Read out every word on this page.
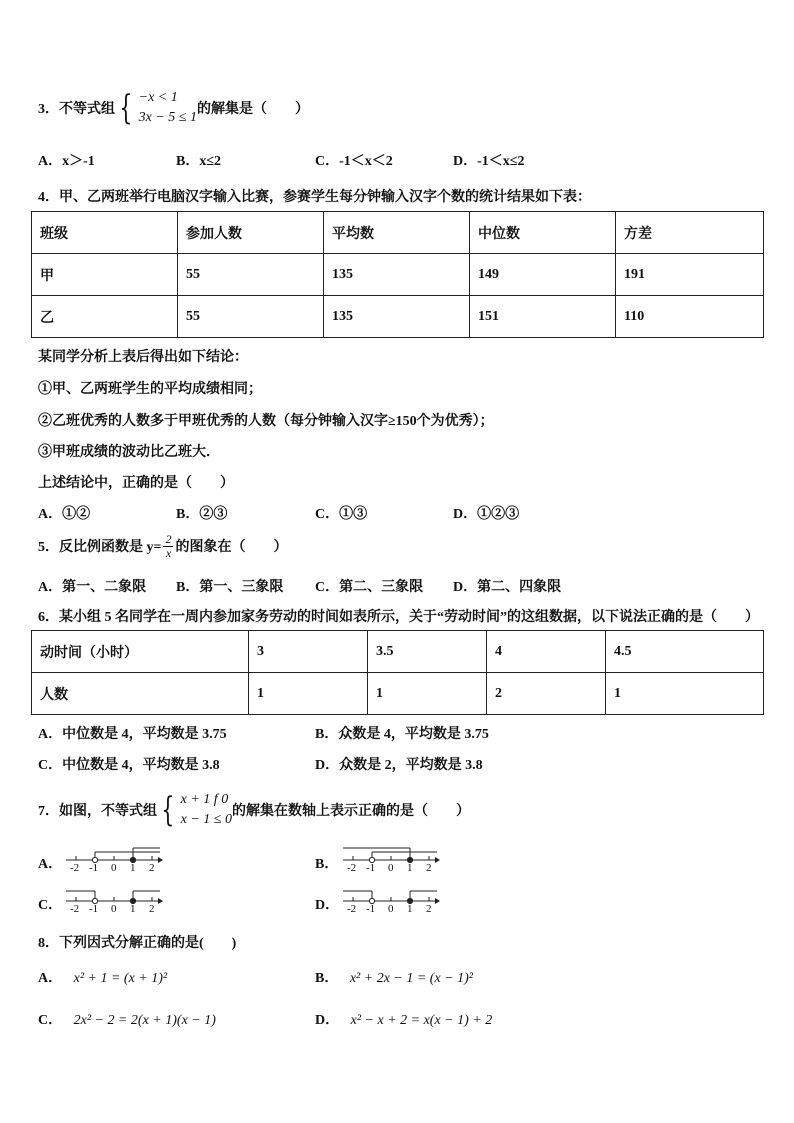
3．不等式组 { −x < 1
3x − 5 ≤ 1
的解集是（　　）
A．x＞-1	B．x≤2	C．-1＜x＜2	D．-1＜x≤2
4．甲、乙两班举行电脑汉字输入比赛，参赛学生每分钟输入汉字个数的统计结果如下表：
班级	参加人数	平均数	中位数	方差
甲	55	135	149	191
乙	55	135	151	110
某同学分析上表后得出如下结论：
①甲、乙两班学生的平均成绩相同；
②乙班优秀的人数多于甲班优秀的人数（每分钟输入汉字≥150个为优秀）；
③甲班成绩的波动比乙班大．
上述结论中，正确的是（　　）
A．①②	B．②③	C．①③	D．①②③
5．反比例函数是 $y= \frac{2}{x}$ 的图象在（　　）
A．第一、二象限 B．第一、三象限 C．第二、三象限 D．第二、四象限
6．某小组 5 名同学在一周内参加家务劳动的时间如表所示，关于“劳动时间”的这组数据，以下说法正确的是（　　）
动时间（小时）	3	3.5	4	4.5
人数	1	1	2	1
A．中位数是 4，平均数是 3.75	B．众数是 4，平均数是 3.75
C．中位数是 4，平均数是 3.8	D．众数是 2，平均数是 3.8
7．如图，不等式组 { x + 1 f 0
x − 1 ≤ 0
的解集在数轴上表示正确的是（　　）
A． -2 -1 0 1 2	B． -2 -1 0 1 2
C． -2 -1 0 1 2	D． -2 -1 0 1 2
8．下列因式分解正确的是(　　)
A． x² + 1 = (x + 1)²	B． x² + 2x − 1 = (x − 1)²
C． 2x² − 2 = 2(x + 1)(x − 1)	D． x² − x + 2 = x(x − 1) + 2
